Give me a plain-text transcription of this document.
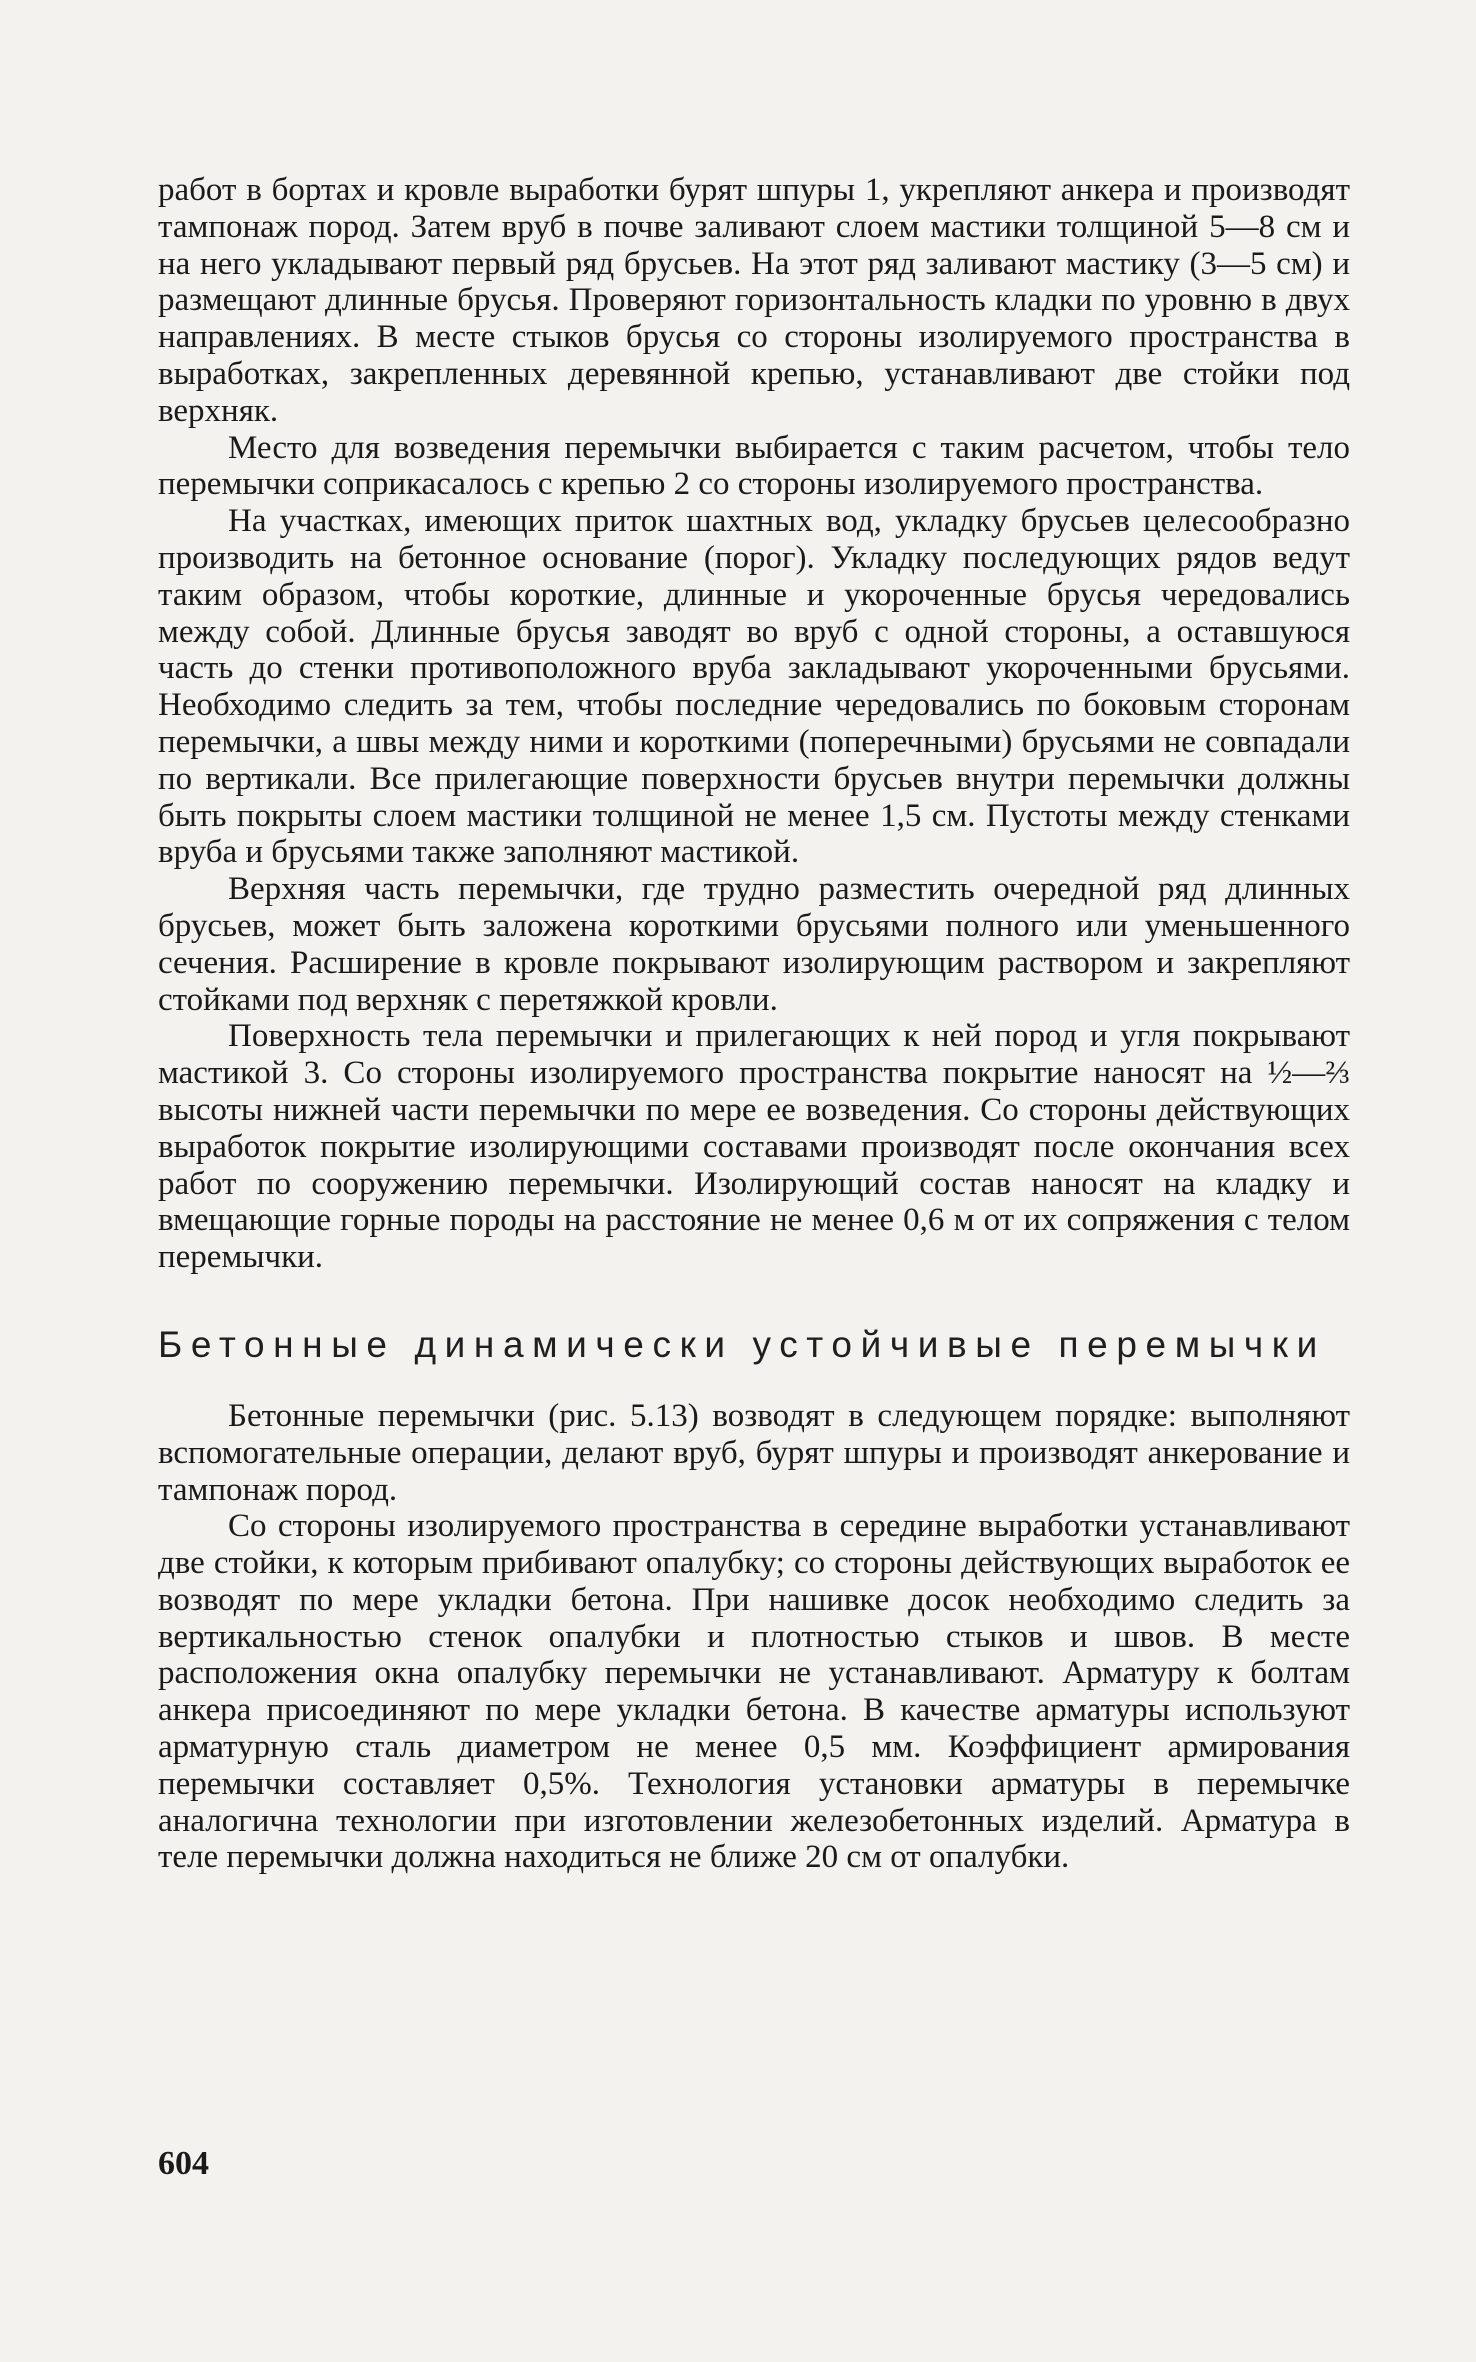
работ в бортах и кровле выработки бурят шпуры 1, укрепляют анкера и производят тампонаж пород. Затем вруб в почве заливают слоем мастики толщиной 5—8 см и на него укладывают первый ряд брусьев. На этот ряд заливают мастику (3—5 см) и размещают длинные брусья. Проверяют горизонтальность кладки по уровню в двух направлениях. В месте стыков брусья со стороны изолируемого пространства в выработках, закрепленных деревянной крепью, устанавливают две стойки под верхняк.

Место для возведения перемычки выбирается с таким расчетом, чтобы тело перемычки соприкасалось с крепью 2 со стороны изолируемого пространства.

На участках, имеющих приток шахтных вод, укладку брусьев целесообразно производить на бетонное основание (порог). Укладку последующих рядов ведут таким образом, чтобы короткие, длинные и укороченные брусья чередовались между собой. Длинные брусья заводят во вруб с одной стороны, а оставшуюся часть до стенки противоположного вруба закладывают укороченными брусьями. Необходимо следить за тем, чтобы последние чередовались по боковым сторонам перемычки, а швы между ними и короткими (поперечными) брусьями не совпадали по вертикали. Все прилегающие поверхности брусьев внутри перемычки должны быть покрыты слоем мастики толщиной не менее 1,5 см. Пустоты между стенками вруба и брусьями также заполняют мастикой.

Верхняя часть перемычки, где трудно разместить очередной ряд длинных брусьев, может быть заложена короткими брусьями полного или уменьшенного сечения. Расширение в кровле покрывают изолирующим раствором и закрепляют стойками под верхняк с перетяжкой кровли.

Поверхность тела перемычки и прилегающих к ней пород и угля покрывают мастикой 3. Со стороны изолируемого пространства покрытие наносят на ½—⅔ высоты нижней части перемычки по мере ее возведения. Со стороны действующих выработок покрытие изолирующими составами производят после окончания всех работ по сооружению перемычки. Изолирующий состав наносят на кладку и вмещающие горные породы на расстояние не менее 0,6 м от их сопряжения с телом перемычки.

Бетонные динамически устойчивые перемычки

Бетонные перемычки (рис. 5.13) возводят в следующем порядке: выполняют вспомогательные операции, делают вруб, бурят шпуры и производят анкерование и тампонаж пород.

Со стороны изолируемого пространства в середине выработки устанавливают две стойки, к которым прибивают опалубку; со стороны действующих выработок ее возводят по мере укладки бетона. При нашивке досок необходимо следить за вертикальностью стенок опалубки и плотностью стыков и швов. В месте расположения окна опалубку перемычки не устанавливают. Арматуру к болтам анкера присоединяют по мере укладки бетона. В качестве арматуры используют арматурную сталь диаметром не менее 0,5 мм. Коэффициент армирования перемычки составляет 0,5%. Технология установки арматуры в перемычке аналогична технологии при изготовлении железобетонных изделий. Арматура в теле перемычки должна находиться не ближе 20 см от опалубки.

604
